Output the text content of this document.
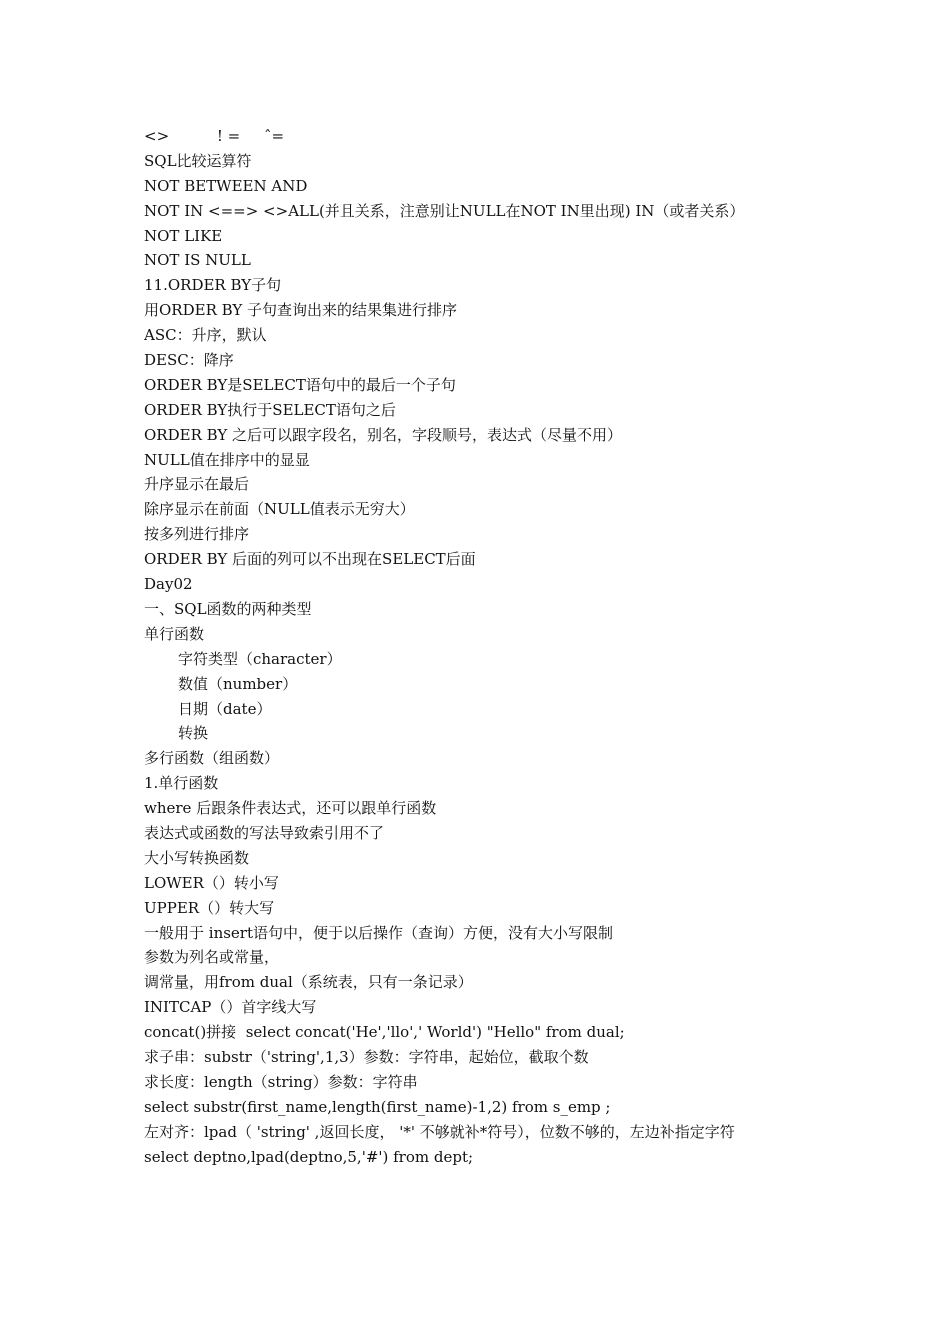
<>          ! =     ˆ=
SQL比较运算符
NOT BETWEEN AND
NOT IN <==> <>ALL(并且关系，注意别让NULL在NOT IN里出现) IN（或者关系）
NOT LIKE
NOT IS NULL
11.ORDER BY子句
用ORDER BY 子句查询出来的结果集进行排序
ASC：升序，默认
DESC：降序
ORDER BY是SELECT语句中的最后一个子句
ORDER BY执行于SELECT语句之后
ORDER BY 之后可以跟字段名，别名，字段顺号，表达式（尽量不用）
NULL值在排序中的显显
升序显示在最后
除序显示在前面（NULL值表示无穷大）
按多列进行排序
ORDER BY 后面的列可以不出现在SELECT后面
Day02
一、SQL函数的两种类型
单行函数
字符类型（character）
数值（number）
日期（date）
转换
多行函数（组函数）
1.单行函数
where 后跟条件表达式，还可以跟单行函数
表达式或函数的写法导致索引用不了
大小写转换函数
LOWER（）转小写
UPPER（）转大写
一般用于 insert语句中，便于以后操作（查询）方便，没有大小写限制
参数为列名或常量，
调常量，用from dual（系统表，只有一条记录）
INITCAP（）首字线大写
concat()拼接  select concat('He','llo',' World') "Hello" from dual;
求子串：substr（'string',1,3）参数：字符串，起始位，截取个数
求长度：length（string）参数：字符串
select substr(first_name,length(first_name)-1,2) from s_emp ;
左对齐：lpad（ 'string' ,返回长度， '*' 不够就补*符号），位数不够的，左边补指定字符
select deptno,lpad(deptno,5,'#') from dept;
